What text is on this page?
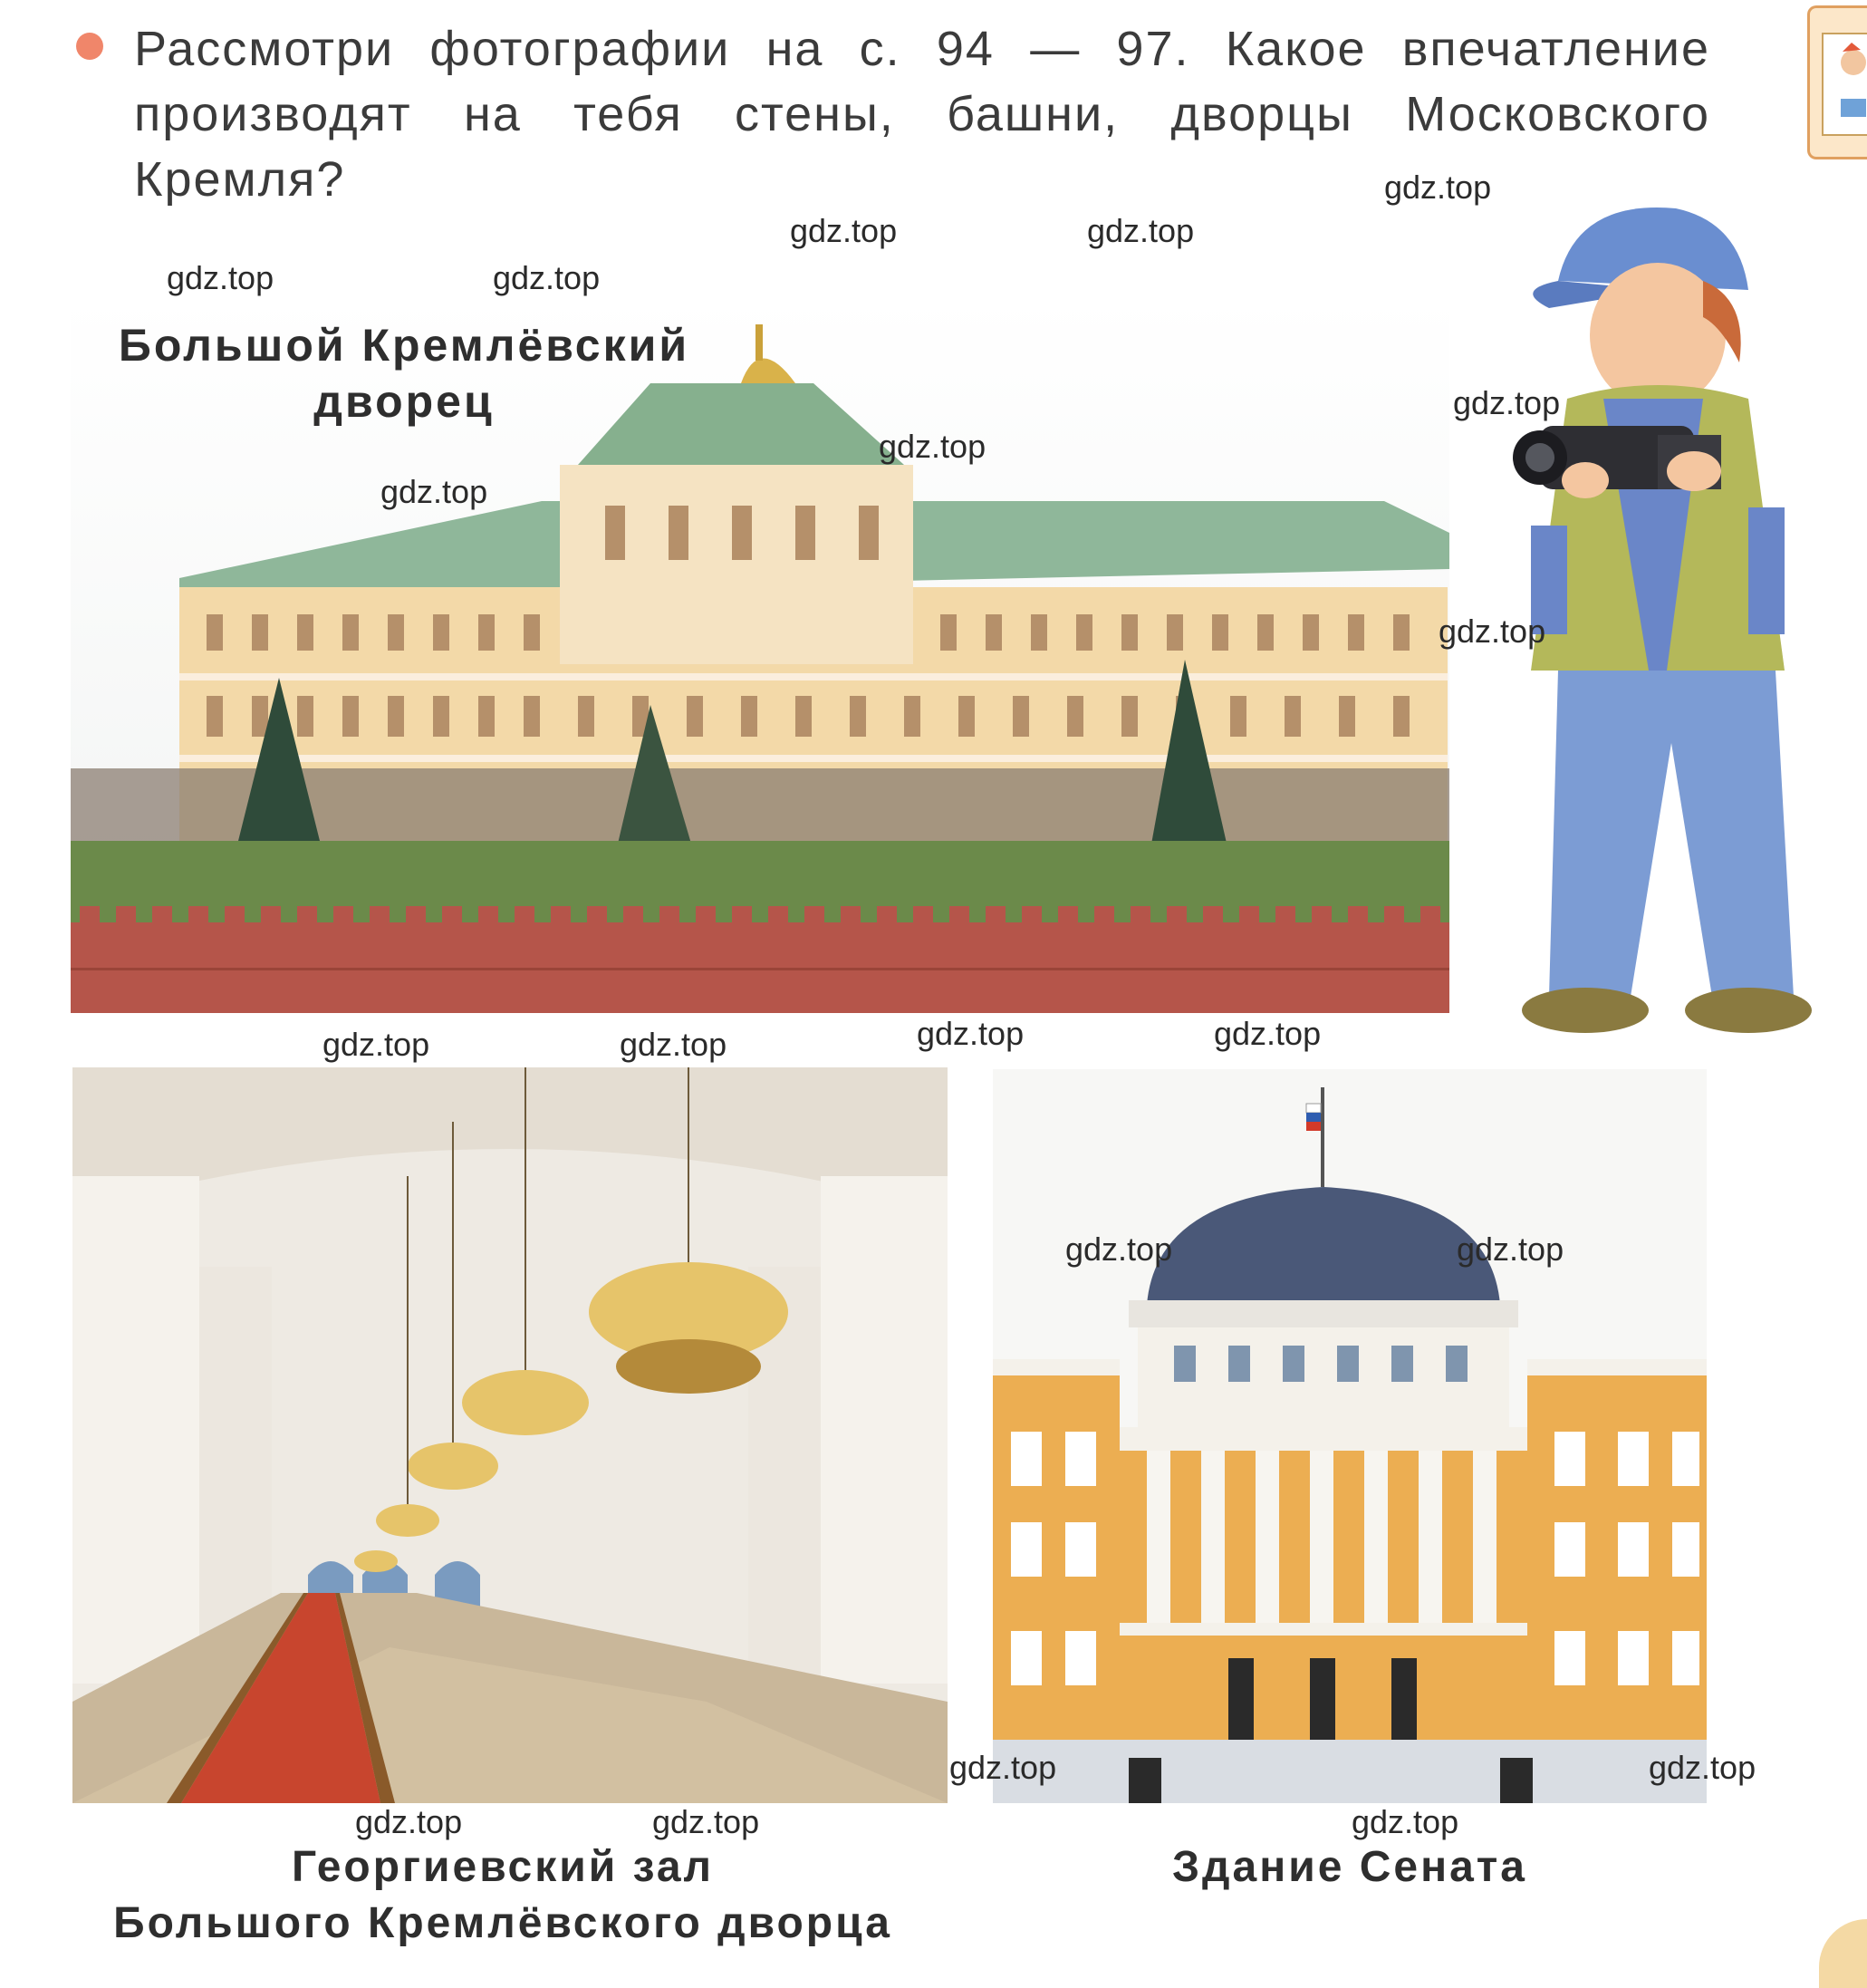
Рассмотри фотографии на с. 94 — 97. Какое впечатление производят на тебя стены, башни, дворцы Московского Кремля?
Большой Кремлёвский
дворец
Георгиевский зал
Большого Кремлёвского дворца
Здание Сената
gdz.top
gdz.top	gdz.top
gdz.top	gdz.top
gdz.top
gdz.top
gdz.top
gdz.top
gdz.top	gdz.top
gdz.top	gdz.top
gdz.top	gdz.top
gdz.top	gdz.top
gdz.top	gdz.top	gdz.top
